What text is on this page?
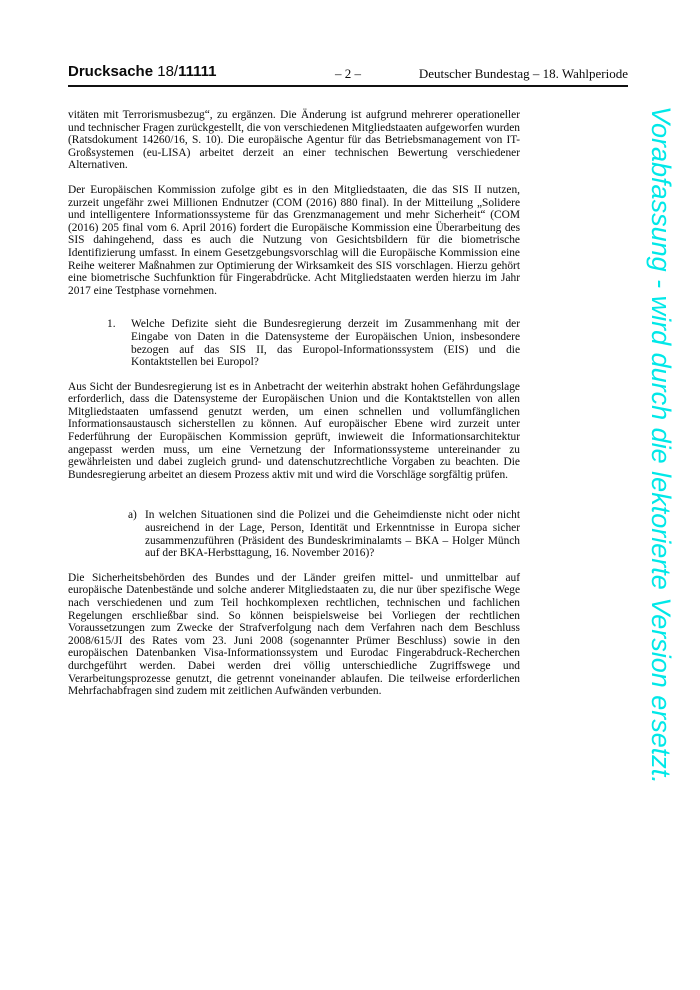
Drucksache 18/11111	– 2 –	Deutscher Bundestag – 18. Wahlperiode

vitäten mit Terrorismusbezug“, zu ergänzen. Die Änderung ist aufgrund mehrerer operationeller und technischer Fragen zurückgestellt, die von verschiedenen Mitgliedstaaten aufgeworfen wurden (Ratsdokument 14260/16, S. 10). Die europäische Agentur für das Betriebsmanagement von IT-Großsystemen (eu-LISA) arbeitet derzeit an einer technischen Bewertung verschiedener Alternativen.

Der Europäischen Kommission zufolge gibt es in den Mitgliedstaaten, die das SIS II nutzen, zurzeit ungefähr zwei Millionen Endnutzer (COM (2016) 880 final). In der Mitteilung „Solidere und intelligentere Informationssysteme für das Grenzmanagement und mehr Sicherheit“ (COM (2016) 205 final vom 6. April 2016) fordert die Europäische Kommission eine Überarbeitung des SIS dahingehend, dass es auch die Nutzung von Gesichtsbildern für die biometrische Identifizierung umfasst. In einem Gesetzgebungsvorschlag will die Europäische Kommission eine Reihe weiterer Maßnahmen zur Optimierung der Wirksamkeit des SIS vorschlagen. Hierzu gehört eine biometrische Suchfunktion für Fingerabdrücke. Acht Mitgliedstaaten werden hierzu im Jahr 2017 eine Testphase vornehmen.

1.	Welche Defizite sieht die Bundesregierung derzeit im Zusammenhang mit der Eingabe von Daten in die Datensysteme der Europäischen Union, insbesondere bezogen auf das SIS II, das Europol-Informationssystem (EIS) und die Kontaktstellen bei Europol?

Aus Sicht der Bundesregierung ist es in Anbetracht der weiterhin abstrakt hohen Gefährdungslage erforderlich, dass die Datensysteme der Europäischen Union und die Kontaktstellen von allen Mitgliedstaaten umfassend genutzt werden, um einen schnellen und vollumfänglichen Informationsaustausch sicherstellen zu können. Auf europäischer Ebene wird zurzeit unter Federführung der Europäischen Kommission geprüft, inwieweit die Informationsarchitektur angepasst werden muss, um eine Vernetzung der Informationssysteme untereinander zu gewährleisten und dabei zugleich grund- und datenschutzrechtliche Vorgaben zu beachten. Die Bundesregierung arbeitet an diesem Prozess aktiv mit und wird die Vorschläge sorgfältig prüfen.

a) In welchen Situationen sind die Polizei und die Geheimdienste nicht oder nicht ausreichend in der Lage, Person, Identität und Erkenntnisse in Europa sicher zusammenzuführen (Präsident des Bundeskriminalamts – BKA – Holger Münch auf der BKA-Herbsttagung, 16. November 2016)?

Die Sicherheitsbehörden des Bundes und der Länder greifen mittel- und unmittelbar auf europäische Datenbestände und solche anderer Mitgliedstaaten zu, die nur über spezifische Wege nach verschiedenen und zum Teil hochkomplexen rechtlichen, technischen und fachlichen Regelungen erschließbar sind. So können beispielsweise bei Vorliegen der rechtlichen Voraussetzungen zum Zwecke der Strafverfolgung nach dem Verfahren nach dem Beschluss 2008/615/JI des Rates vom 23. Juni 2008 (sogenannter Prümer Beschluss) sowie in den europäischen Datenbanken Visa-Informationssystem und Eurodac Fingerabdruck-Recherchen durchgeführt werden. Dabei werden drei völlig unterschiedliche Zugriffswege und Verarbeitungsprozesse genutzt, die getrennt voneinander ablaufen. Die teilweise erforderlichen Mehrfachabfragen sind zudem mit zeitlichen Aufwänden verbunden.	Vorabfassung - wird durch die lektorierte Version ersetzt.
